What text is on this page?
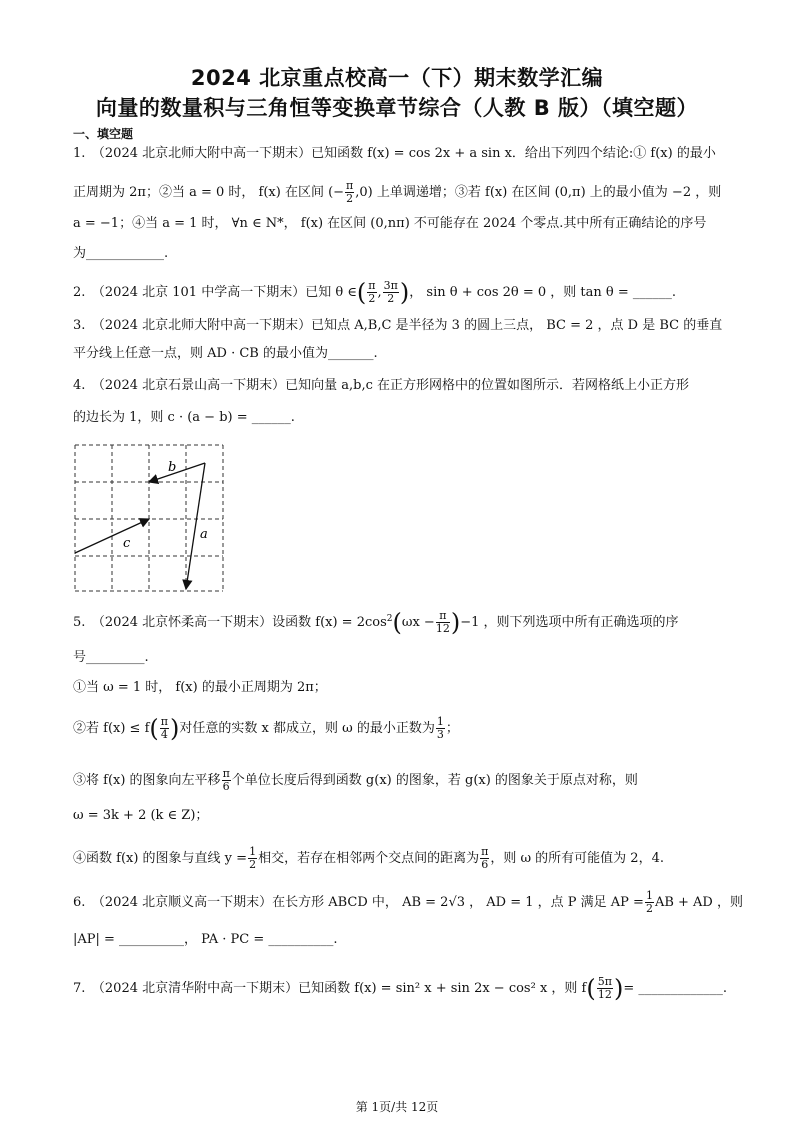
2024 北京重点校高一（下）期末数学汇编
向量的数量积与三角恒等变换章节综合（人教 B 版）（填空题）
一、填空题
1.　（2024 北京北师大附中高一下期末）已知函数 f(x) = cos 2x + a sin x．给出下列四个结论:① f(x) 的最小
正周期为 2π；②当 a = 0 时， f(x) 在区间 (− $\frac{\pi}{2} ,0$) 上单调递增；③若 f(x) 在区间 (0,π) 上的最小值为 −2 ，则
a = −1；④当 a = 1 时， ∀n ∈ N*， f(x) 在区间 (0,nπ) 不可能存在 2024 个零点.其中所有正确结论的序号
为____________.
2.　（2024 北京 101 中学高一下期末）已知 θ ∈( $\frac{\pi}{2}$ , $\frac{3\pi}{2}$ )， sin θ + cos 2θ = 0 ，则 tan θ = ______.
3.　（2024 北京北师大附中高一下期末）已知点 A,B,C 是半径为 3 的圆上三点， BC = 2 ，点 D 是 BC 的垂直
平分线上任意一点，则 AD · CB 的最小值为_______.
4.　（2024 北京石景山高一下期末）已知向量 a,b,c 在正方形网格中的位置如图所示．若网格纸上小正方形
的边长为 1，则 c · (a − b) = ______.
b
a
c
5.　（2024 北京怀柔高一下期末）设函数 $f(x) = 2\cos^2(\omega x - \frac{\pi}{12} )-1$ ，则下列选项中所有正确选项的序
号_________.
①当 ω = 1 时， f(x) 的最小正周期为 2π；
②若 $f(x) \le f( \frac{\pi}{4}$ )对任意的实数 x 都成立，则 ω 的最小正数为 $\frac{1}{3}$ ；
③将 f(x) 的图象向左平移 $\frac{\pi}{6}$ 个单位长度后得到函数 g(x) 的图象，若 g(x) 的图象关于原点对称，则
ω = 3k + 2 (k ∈ Z)；
④函数 f(x) 的图象与直线 $y = \frac{1}{2}$ 相交，若存在相邻两个交点间的距离为 $\frac{\pi}{6}$ ，则 ω 的所有可能值为 2，4.
6.　（2024 北京顺义高一下期末）在长方形 ABCD 中， AB = 2√3 ， AD = 1 ，点 P 满足 AP = $\frac{1}{2}$ AB + AD ，则
|AP| = __________， PA · PC = __________.
7.　（2024 北京清华附中高一下期末）已知函数 f(x) = sin² x + sin 2x − cos² x ，则 $f( \frac{5\pi}{12}$ )= _____________.
第 1页/共 12页
